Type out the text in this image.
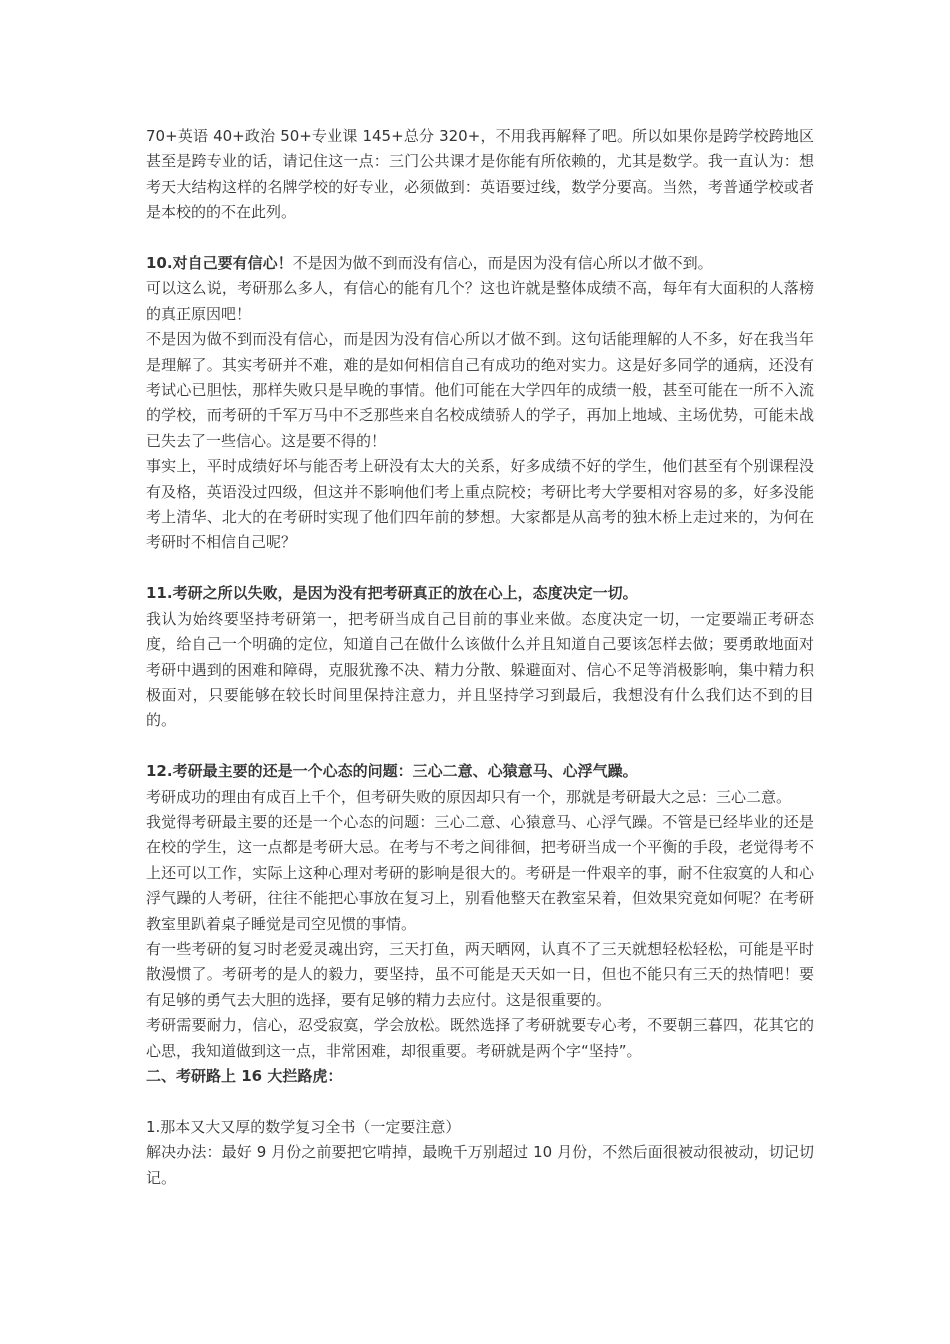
70+英语 40+政治 50+专业课 145+总分 320+，不用我再解释了吧。所以如果你是跨学校跨地区甚至是跨专业的话，请记住这一点：三门公共课才是你能有所依赖的，尤其是数学。我一直认为：想考天大结构这样的名牌学校的好专业，必须做到：英语要过线，数学分要高。当然，考普通学校或者是本校的的不在此列。

10.对自己要有信心！不是因为做不到而没有信心，而是因为没有信心所以才做不到。

可以这么说，考研那么多人，有信心的能有几个？这也许就是整体成绩不高，每年有大面积的人落榜的真正原因吧！

不是因为做不到而没有信心，而是因为没有信心所以才做不到。这句话能理解的人不多，好在我当年是理解了。其实考研并不难，难的是如何相信自己有成功的绝对实力。这是好多同学的通病，还没有考试心已胆怯，那样失败只是早晚的事情。他们可能在大学四年的成绩一般，甚至可能在一所不入流的学校，而考研的千军万马中不乏那些来自名校成绩骄人的学子，再加上地域、主场优势，可能未战已失去了一些信心。这是要不得的！

事实上，平时成绩好坏与能否考上研没有太大的关系，好多成绩不好的学生，他们甚至有个别课程没有及格，英语没过四级，但这并不影响他们考上重点院校；考研比考大学要相对容易的多，好多没能考上清华、北大的在考研时实现了他们四年前的梦想。大家都是从高考的独木桥上走过来的，为何在考研时不相信自己呢？

11.考研之所以失败，是因为没有把考研真正的放在心上，态度决定一切。

我认为始终要坚持考研第一，把考研当成自己目前的事业来做。态度决定一切，一定要端正考研态度，给自己一个明确的定位，知道自己在做什么该做什么并且知道自己要该怎样去做；要勇敢地面对考研中遇到的困难和障碍，克服犹豫不决、精力分散、躲避面对、信心不足等消极影响，集中精力积极面对，只要能够在较长时间里保持注意力，并且坚持学习到最后，我想没有什么我们达不到的目的。

12.考研最主要的还是一个心态的问题：三心二意、心猿意马、心浮气躁。

考研成功的理由有成百上千个，但考研失败的原因却只有一个，那就是考研最大之忌：三心二意。

我觉得考研最主要的还是一个心态的问题：三心二意、心猿意马、心浮气躁。不管是已经毕业的还是在校的学生，这一点都是考研大忌。在考与不考之间徘徊，把考研当成一个平衡的手段，老觉得考不上还可以工作，实际上这种心理对考研的影响是很大的。考研是一件艰辛的事，耐不住寂寞的人和心浮气躁的人考研，往往不能把心事放在复习上，别看他整天在教室呆着，但效果究竟如何呢？在考研教室里趴着桌子睡觉是司空见惯的事情。

有一些考研的复习时老爱灵魂出窍，三天打鱼，两天晒网，认真不了三天就想轻松轻松，可能是平时散漫惯了。考研考的是人的毅力，要坚持，虽不可能是天天如一日，但也不能只有三天的热情吧！要有足够的勇气去大胆的选择，要有足够的精力去应付。这是很重要的。

考研需要耐力，信心，忍受寂寞，学会放松。既然选择了考研就要专心考，不要朝三暮四，花其它的心思，我知道做到这一点，非常困难，却很重要。考研就是两个字“坚持”。

二、考研路上 16 大拦路虎：

1.那本又大又厚的数学复习全书（一定要注意）

解决办法：最好 9 月份之前要把它啃掉，最晚千万别超过 10 月份，不然后面很被动很被动，切记切记。
